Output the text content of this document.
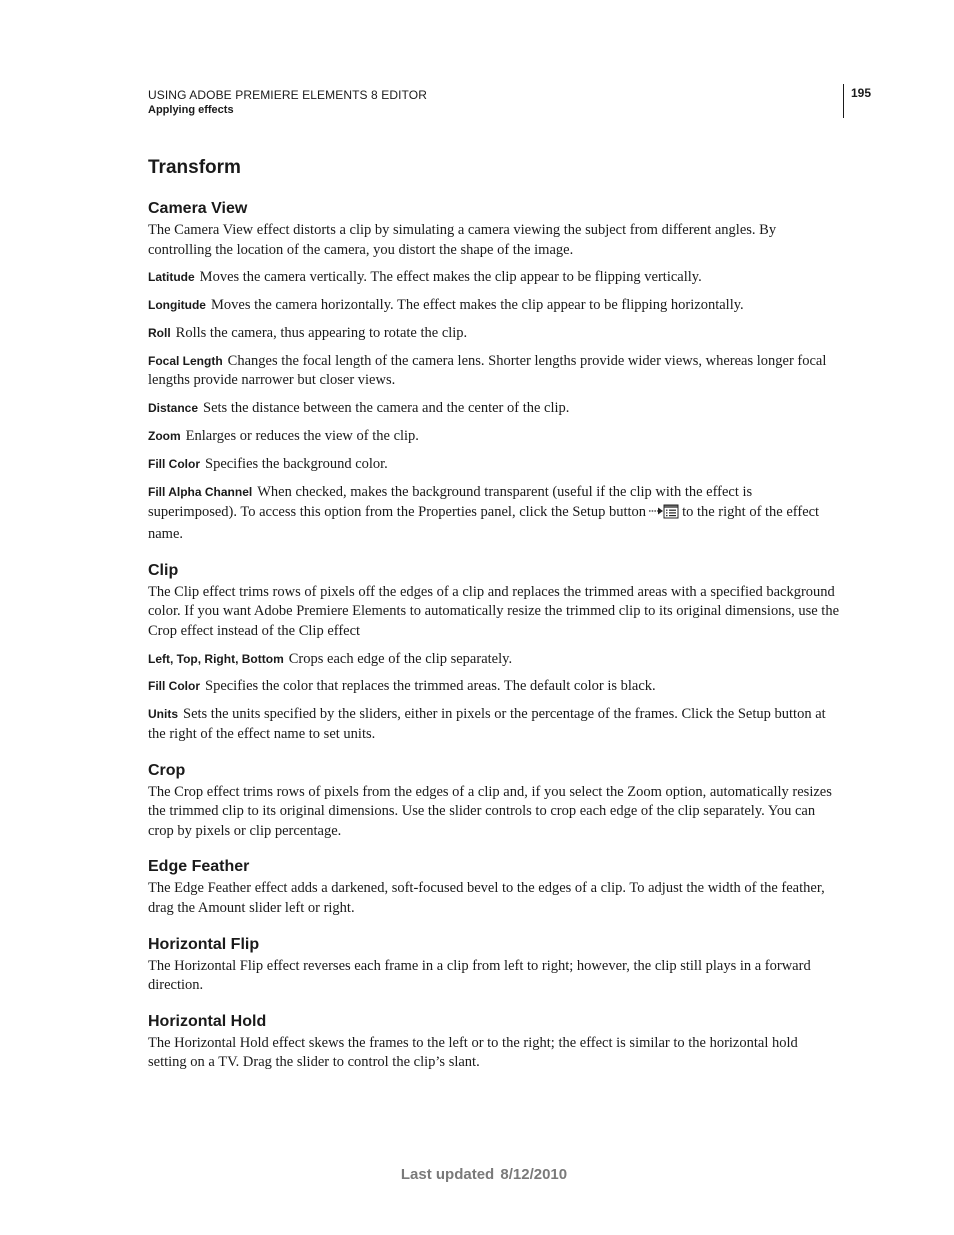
USING ADOBE PREMIERE ELEMENTS 8 EDITOR
Applying effects
195
Transform
Camera View

The Camera View effect distorts a clip by simulating a camera viewing the subject from different angles. By controlling the location of the camera, you distort the shape of the image.

Latitude Moves the camera vertically. The effect makes the clip appear to be flipping vertically.

Longitude Moves the camera horizontally. The effect makes the clip appear to be flipping horizontally.

Roll Rolls the camera, thus appearing to rotate the clip.

Focal Length Changes the focal length of the camera lens. Shorter lengths provide wider views, whereas longer focal lengths provide narrower but closer views.

Distance Sets the distance between the camera and the center of the clip.

Zoom Enlarges or reduces the view of the clip.

Fill Color Specifies the background color.

Fill Alpha Channel When checked, makes the background transparent (useful if the clip with the effect is superimposed). To access this option from the Properties panel, click the Setup button to the right of the effect name.

Clip

The Clip effect trims rows of pixels off the edges of a clip and replaces the trimmed areas with a specified background color. If you want Adobe Premiere Elements to automatically resize the trimmed clip to its original dimensions, use the Crop effect instead of the Clip effect

Left, Top, Right, Bottom Crops each edge of the clip separately.

Fill Color Specifies the color that replaces the trimmed areas. The default color is black.

Units Sets the units specified by the sliders, either in pixels or the percentage of the frames. Click the Setup button at the right of the effect name to set units.

Crop

The Crop effect trims rows of pixels from the edges of a clip and, if you select the Zoom option, automatically resizes the trimmed clip to its original dimensions. Use the slider controls to crop each edge of the clip separately. You can crop by pixels or clip percentage.

Edge Feather

The Edge Feather effect adds a darkened, soft-focused bevel to the edges of a clip. To adjust the width of the feather, drag the Amount slider left or right.

Horizontal Flip

The Horizontal Flip effect reverses each frame in a clip from left to right; however, the clip still plays in a forward direction.

Horizontal Hold

The Horizontal Hold effect skews the frames to the left or to the right; the effect is similar to the horizontal hold setting on a TV. Drag the slider to control the clip’s slant.

Last updated 8/12/2010
